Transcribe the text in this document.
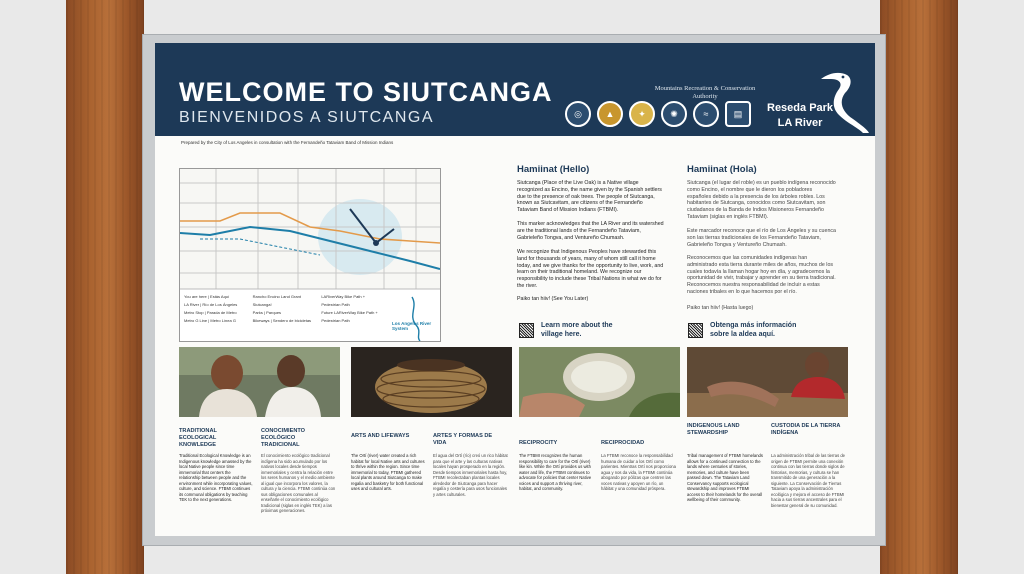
WELCOME TO SIUTCANGA
BIENVENIDOS A SIUTCANGA
Mountains Recreation & Conservation Authority
◎	▲	✦	✺	≈	▤	Reseda Park
LA River
Prepared by the City of Los Angeles in consultation with the Fernandeño Tataviam Band of Mission Indians
You are here | Estás Aquí
LA River | Río de Los Ángeles
Metro Stop | Parada de Metro
Metro G Line | Metro Línea G
Rancho Encino Land Grant
Siutcanga!
Parks | Parques
Bikeways | Sendero de bicicletas
LARiverWay Bike Path + Pedestrian Path
Future LARiverWay Bike Path + Pedestrian Path
Los Angeles River System
Hamiinat (Hello)
Siutcanga (Place of the Live Oak) is a Native village recognized as Encino, the name given by the Spanish settlers due to the presence of oak trees. The people of Siutcanga, known as Siutcavitam, are citizens of the Fernandeño Tataviam Band of Mission Indians (FTBMI).
This marker acknowledges that the LA River and its watershed are the traditional lands of the Fernandeño Tataviam, Gabrieleño Tongva, and Ventureño Chumash.
We recognize that Indigenous Peoples have stewarded this land for thousands of years, many of whom still call it home today, and we give thanks for the opportunity to live, work, and learn on their traditional homeland. We recognize our responsibility to include these Tribal Nations in what we do for the river.
Paiko tan hiiv! (See You Later)
Learn more about the village here.
Hamiinat (Hola)
Siutcanga (el lugar del roble) es un pueblo indígena reconocido como Encino, el nombre que le dieron los pobladores españoles debido a la presencia de los árboles robles. Los habitantes de Siutcanga, conocidos como Siutcavitam, son ciudadanos de la Banda de Indios Misioneros Fernandeño Tataviam (siglas en inglés FTBMI).
Este marcador reconoce que el río de Los Ángeles y su cuenca son las tierras tradicionales de los Fernandeño Tataviam, Gabrieleño Tongva y Ventureño Chumash.
Reconocemos que las comunidades indígenas han administrado esta tierra durante miles de años, muchos de los cuales todavía la llaman hogar hoy en día, y agradecemos la oportunidad de vivir, trabajar y aprender en su tierra tradicional. Reconocemos nuestra responsabilidad de incluir a estas naciones tribales en lo que hacemos por el río.
Paiko tan hiiv! (Hasta luego)
Obtenga más información sobre la aldea aquí.
TRADITIONAL ECOLOGICAL KNOWLEDGE
Traditional Ecological Knowledge is an Indigenous knowledge amassed by the local Native people since time immemorial that centers the relationship between people and the environment while incorporating values, culture, and science. FTBMI continues its communal obligations by teaching TEK to the next generations.
CONOCIMIENTO ECOLÓGICO TRADICIONAL
El conocimiento ecológico tradicional indígena ha sido acumulado por los nativos locales desde tiempos inmemoriales y centra la relación entre los seres humanos y el medio ambiente al igual que incorpora los valores, la cultura y la ciencia. FTBMI continúa con sus obligaciones comunales al enseñarle el conocimiento ecológico tradicional (siglas en inglés TEK) a las próximas generaciones.
ARTS AND LIFEWAYS
The Ortí (river) water created a rich habitat for local Native arts and cultures to thrive within the region. Since time immemorial to today, FTBMI gathered local plants around Siutcanga to make regalia and basketry for both functional uses and cultural arts.
ARTES Y FORMAS DE VIDA
El agua del Ortí (río) creó un rico hábitat para que el arte y las culturas nativas locales hayan prosperado en la región. Desde tiempos inmemoriales hasta hoy, FTBMI recolectaban plantas locales alrededor de Siutcanga para hacer regalía y cestería para usos funcionales y artes culturales.
RECIPROCITY
The FTBMI recognizes the human responsibility to care for the Ortí (river) like kin. While the Ortí provides us with water and life, the FTBMI continues to advocate for policies that center Native voices and support a thriving river, habitat, and community.
RECIPROCIDAD
La FTBMI reconoce la responsabilidad humana de cuidar a los Ortí como parientes. Mientras Ortí nos proporciona agua y nos da vida, la FTBMI continúa abogando por pólizas que centren las voces nativas y apoyen un río, un hábitat y una comunidad próspera.
INDIGENOUS LAND STEWARDSHIP
Tribal management of FTBMI homelands allows for a continued connection to the lands where centuries of stories, memories, and culture have been passed down. The Tataviam Land Conservancy supports ecological stewardship and improves FTBMI access to their homelands for the overall wellbeing of their community.
CUSTODIA DE LA TIERRA INDÍGENA
La administración tribal de las tierras de origen de FTBMI permite una conexión continua con las tierras donde siglos de historias, memorias, y cultura se han transmitido de una generación a la siguiente. La Conservación de Tierras Tataviam apoya la administración ecológica y mejora el acceso de FTBMI hacia a sus tierras ancestrales para el bienestar general de su comunidad.
